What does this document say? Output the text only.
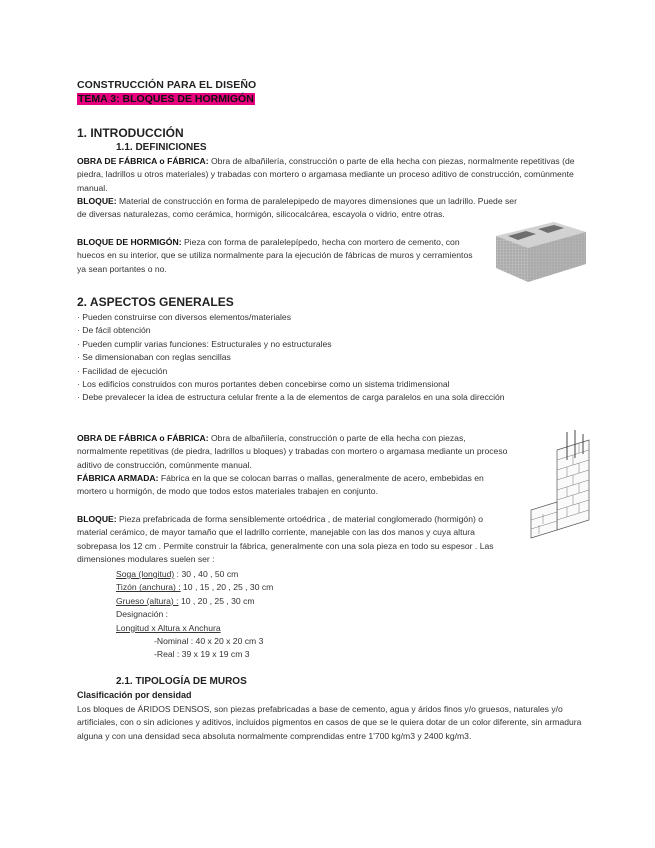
CONSTRUCCIÓN PARA EL DISEÑO
TEMA 3: BLOQUES DE HORMIGÓN
1. INTRODUCCIÓN
1.1. DEFINICIONES
OBRA DE FÁBRICA o FÁBRICA: Obra de albañilería, construcción o parte de ella hecha con piezas, normalmente repetitivas (de piedra, ladrillos u otros materiales) y trabadas con mortero o argamasa mediante un proceso aditivo de construcción, comúnmente manual.
BLOQUE: Material de construcción en forma de paralelepipedo de mayores dimensiones que un ladrillo. Puede ser de diversas naturalezas, como cerámica, hormigón, silicocalcárea, escayola o vidrio, entre otras.
BLOQUE DE HORMIGÓN: Pieza con forma de paralelepípedo, hecha con mortero de cemento, con huecos en su interior, que se utiliza normalmente para la ejecución de fábricas de muros y cerramientos ya sean portantes o no.
2. ASPECTOS GENERALES
· Pueden construirse con diversos elementos/materiales
· De fácil obtención
· Pueden cumplir varias funciones: Estructurales y no estructurales
· Se dimensionaban con reglas sencillas
· Facilidad de ejecución
· Los edificios construidos con muros portantes deben concebirse como un sistema tridimensional
· Debe prevalecer la idea de estructura celular frente a la de elementos de carga paralelos en una sola dirección
OBRA DE FÁBRICA o FÁBRICA: Obra de albañilería, construcción o parte de ella hecha con piezas, normalmente repetitivas (de piedra, ladrillos u bloques) y trabadas con mortero o argamasa mediante un proceso aditivo de construcción, comúnmente manual.
FÁBRICA ARMADA: Fábrica en la que se colocan barras o mallas, generalmente de acero, embebidas en mortero u hormigón, de modo que todos estos materiales trabajen en conjunto.
BLOQUE: Pieza prefabricada de forma sensiblemente ortoédrica , de material conglomerado (hormigón) o material cerámico, de mayor tamaño que el ladrillo corriente, manejable con las dos manos y cuya altura sobrepasa los 12 cm . Permite construir la fábrica, generalmente con una sola pieza en todo su espesor . Las dimensiones modulares suelen ser :
Soga (longitud) : 30 , 40 , 50 cm
Tizón (anchura) : 10 , 15 , 20 , 25 , 30 cm
Grueso (altura) : 10 , 20 , 25 , 30 cm
Designación :
Longitud x Altura x Anchura
-Nominal : 40 x 20 x 20 cm 3
-Real : 39 x 19 x 19 cm 3
2.1. TIPOLOGÍA DE MUROS
Clasificación por densidad
Los bloques de ÁRIDOS DENSOS, son piezas prefabricadas a base de cemento, agua y áridos finos y/o gruesos, naturales y/o artificiales, con o sin adiciones y aditivos, incluidos pigmentos en casos de que se le quiera dotar de un color diferente, sin armadura alguna y con una densidad seca absoluta normalmente comprendidas entre 1'700 kg/m3 y 2400 kg/m3.
